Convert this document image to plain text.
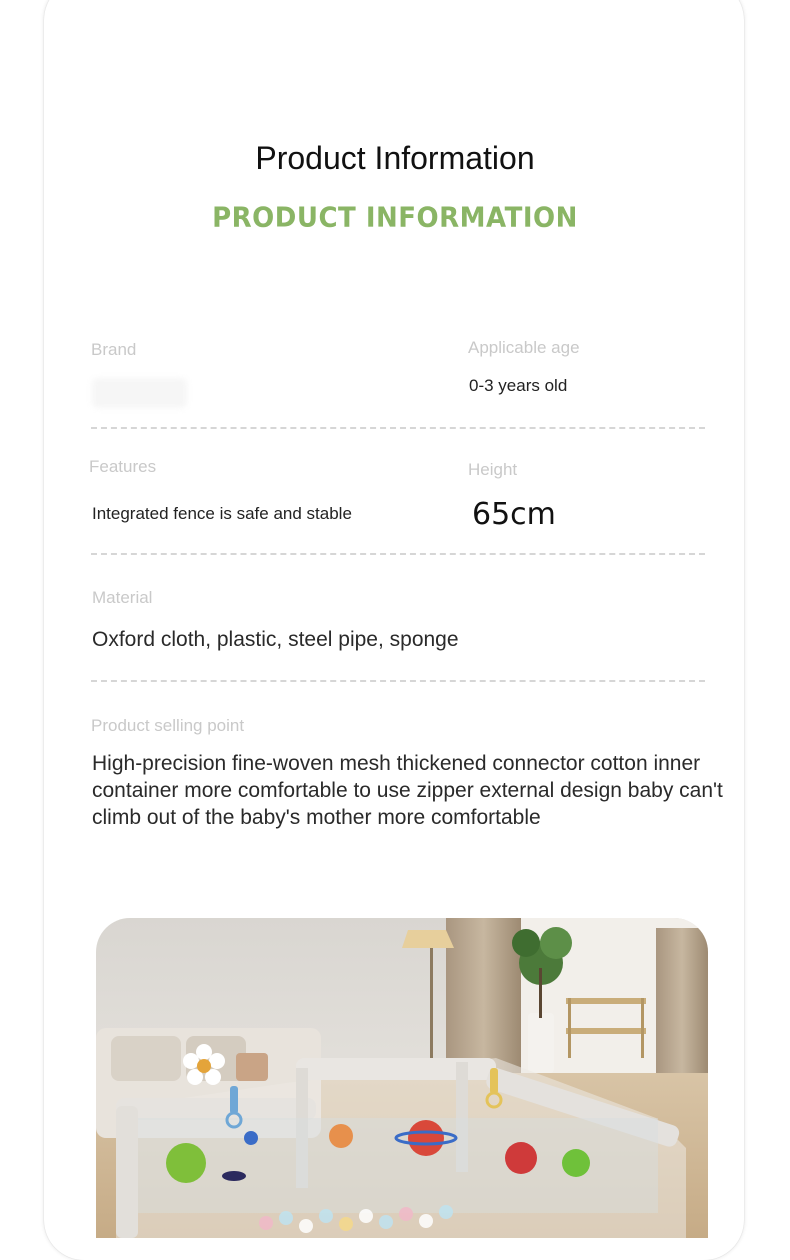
Product Information
PRODUCT INFORMATION
Brand	Applicable age
0-3 years old
Features
Integrated fence is safe and stable
Height
65cm
Material
Oxford cloth, plastic, steel pipe, sponge
Product selling point

High-precision fine-woven mesh thickened connector cotton inner container more comfortable to use zipper external design baby can't climb out of the baby's mother more comfortable
